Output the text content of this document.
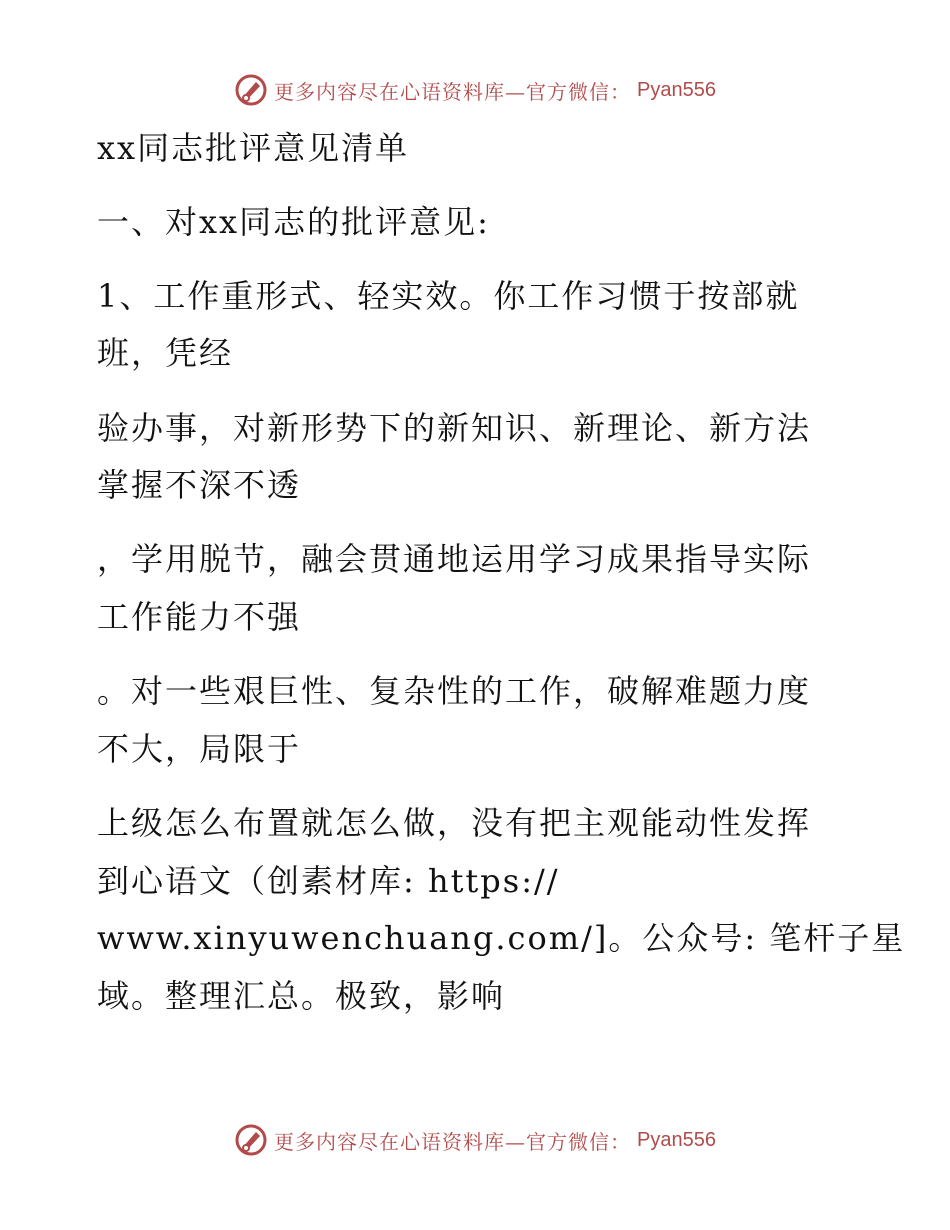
更多内容尽在心语资料库—官方微信： Pyan556
xx同志批评意见清单
一、对xx同志的批评意见:
1、工作重形式、轻实效。你工作习惯于按部就
班，凭经
验办事，对新形势下的新知识、新理论、新方法
掌握不深不透
，学用脱节，融会贯通地运用学习成果指导实际
工作能力不强
。对一些艰巨性、复杂性的工作，破解难题力度
不大，局限于
上级怎么布置就怎么做，没有把主观能动性发挥
到心语文（创素材库: https://
www.xinyuwenchuang.com/]。公众号: 笔杆子星
域。整理汇总。极致，影响
更多内容尽在心语资料库—官方微信： Pyan556
